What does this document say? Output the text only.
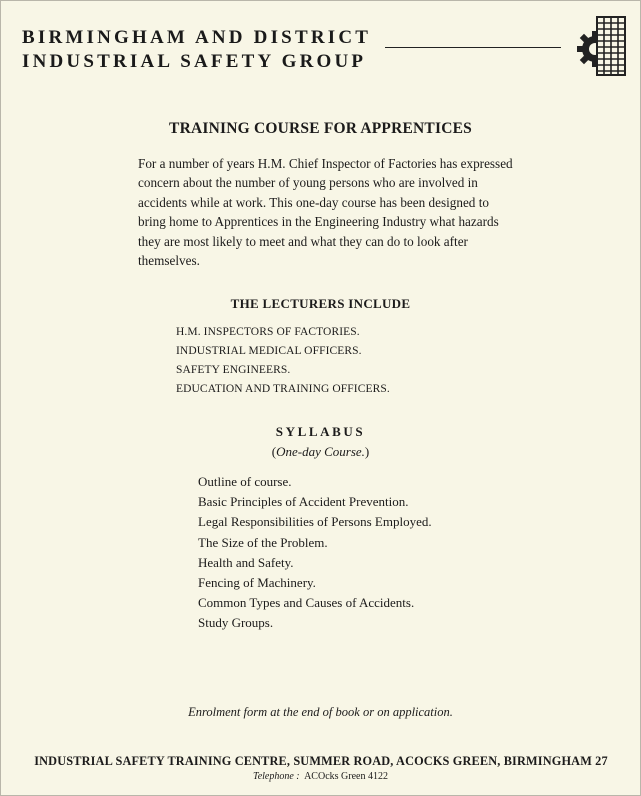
BIRMINGHAM AND DISTRICT
INDUSTRIAL SAFETY GROUP
TRAINING COURSE FOR APPRENTICES
For a number of years H.M. Chief Inspector of Factories has expressed
concern about the number of young persons who are involved in
accidents while at work. This one-day course has been designed to
bring home to Apprentices in the Engineering Industry what hazards
they are most likely to meet and what they can do to look after
themselves.
THE LECTURERS INCLUDE
H.M. INSPECTORS OF FACTORIES.
INDUSTRIAL MEDICAL OFFICERS.
SAFETY ENGINEERS.
EDUCATION AND TRAINING OFFICERS.
SYLLABUS
(One-day Course.)
Outline of course.
Basic Principles of Accident Prevention.
Legal Responsibilities of Persons Employed.
The Size of the Problem.
Health and Safety.
Fencing of Machinery.
Common Types and Causes of Accidents.
Study Groups.
Enrolment form at the end of book or on application.
INDUSTRIAL SAFETY TRAINING CENTRE, SUMMER ROAD, ACOCKS GREEN, BIRMINGHAM 27
Telephone : ACOcks Green 4122
